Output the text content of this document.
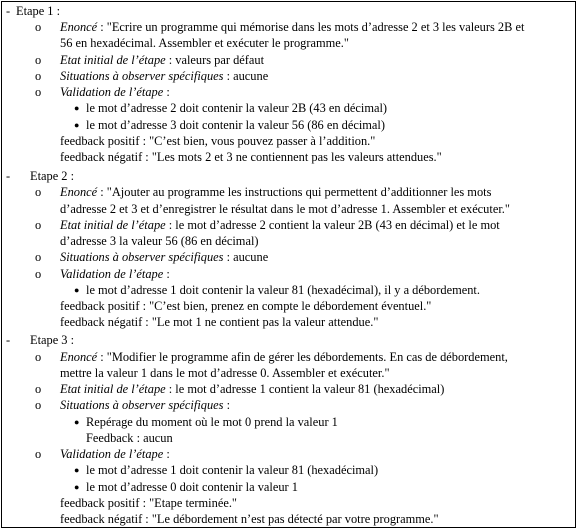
- Etape 1 :
o Enoncé : "Ecrire un programme qui mémorise dans les mots d’adresse 2 et 3 les valeurs 2B et
56 en hexadécimal. Assembler et exécuter le programme."
o Etat initial de l’étape : valeurs par défaut
o Situations à observer spécifiques : aucune
o Validation de l’étape :
● le mot d’adresse 2 doit contenir la valeur 2B (43 en décimal)
● le mot d’adresse 3 doit contenir la valeur 56 (86 en décimal)
feedback positif : "C’est bien, vous pouvez passer à l’addition."
feedback négatif : "Les mots 2 et 3 ne contiennent pas les valeurs attendues."
- Etape 2 :
o Enoncé : "Ajouter au programme les instructions qui permettent d’additionner les mots
d’adresse 2 et 3 et d’enregistrer le résultat dans le mot d’adresse 1. Assembler et exécuter."
o Etat initial de l’étape : le mot d’adresse 2 contient la valeur 2B (43 en décimal) et le mot
d’adresse 3 la valeur 56 (86 en décimal)
o Situations à observer spécifiques : aucune
o Validation de l’étape :
● le mot d’adresse 1 doit contenir la valeur 81 (hexadécimal), il y a débordement.
feedback positif : "C’est bien, prenez en compte le débordement éventuel."
feedback négatif : "Le mot 1 ne contient pas la valeur attendue."
- Etape 3 :
o Enoncé : "Modifier le programme afin de gérer les débordements. En cas de débordement,
mettre la valeur 1 dans le mot d’adresse 0. Assembler et exécuter."
o Etat initial de l’étape : le mot d’adresse 1 contient la valeur 81 (hexadécimal)
o Situations à observer spécifiques :
● Repérage du moment où le mot 0 prend la valeur 1
Feedback : aucun
o Validation de l’étape :
● le mot d’adresse 1 doit contenir la valeur 81 (hexadécimal)
● le mot d’adresse 0 doit contenir la valeur 1
feedback positif : "Etape terminée."
feedback négatif : "Le débordement n’est pas détecté par votre programme."
